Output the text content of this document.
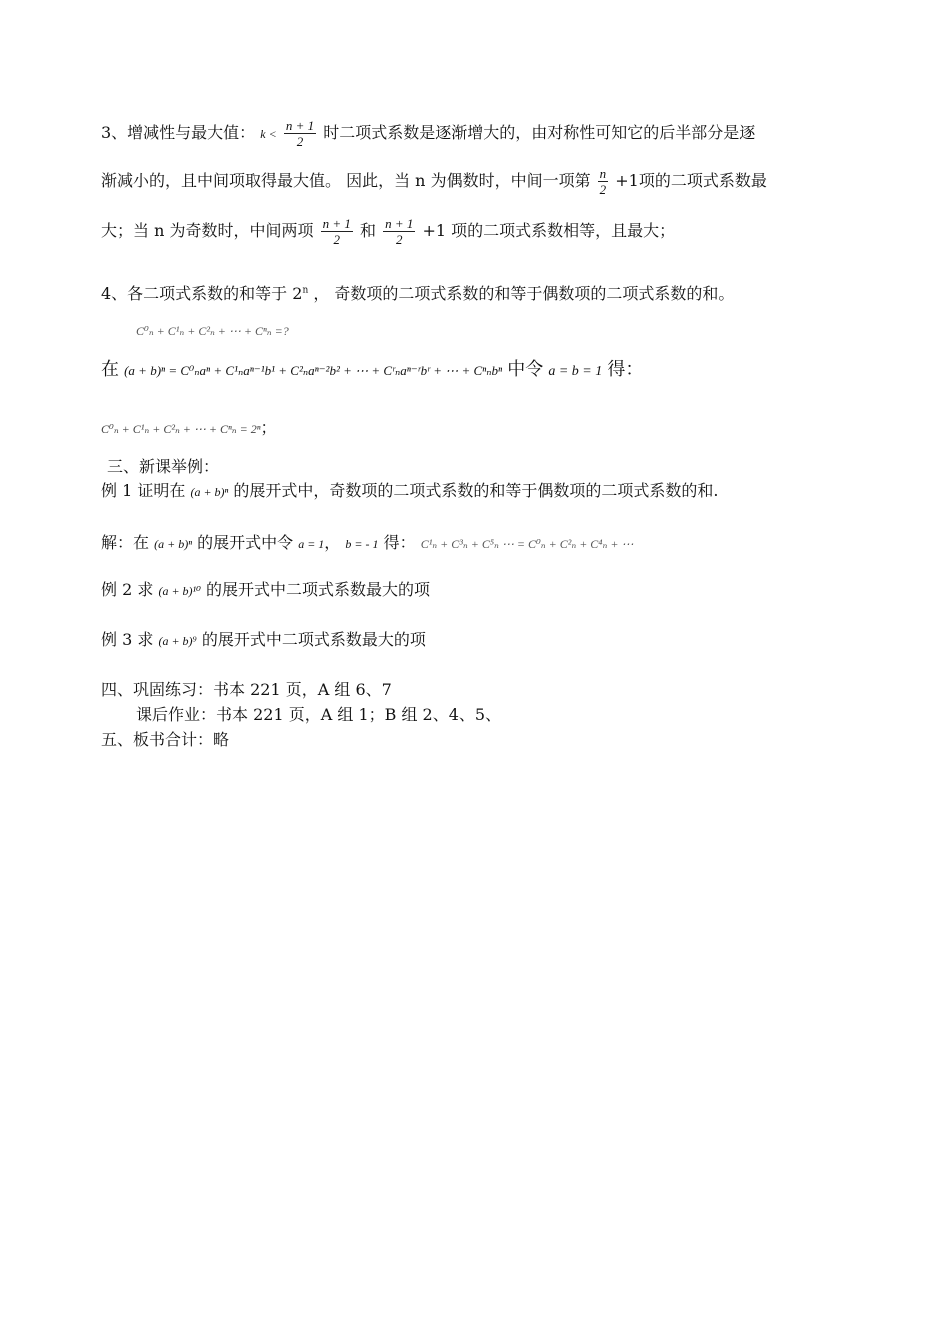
3、增减性与最大值： $k < \frac{n + 1}{2}$ 时二项式系数是逐渐增大的，由对称性可知它的后半部分是逐
渐减小的，且中间项取得最大值。 因此，当 n 为偶数时，中间一项第 $\frac{n}{2} +1$项的二项式系数最
大；当 n 为奇数时，中间两项 $\frac{n + 1}{2}$ 和 $\frac{n + 1}{2} +1$ 项的二项式系数相等，且最大；
4、各二项式系数的和等于 2$^n$ ， 奇数项的二项式系数的和等于偶数项的二项式系数的和。
C⁰ₙ + C¹ₙ + C²ₙ + ⋯ + Cⁿₙ =?
在 (a + b)ⁿ = C⁰ₙaⁿ + C¹ₙaⁿ⁻¹b¹ + C²ₙaⁿ⁻²b² + ⋯ + Cʳₙaⁿ⁻ʳbʳ + ⋯ + Cⁿₙbⁿ 中令 a = b = 1 得：
C⁰ₙ + C¹ₙ + C²ₙ + ⋯ + Cⁿₙ = 2ⁿ；
三、新课举例：
例 1 证明在 (a + b)ⁿ 的展开式中，奇数项的二项式系数的和等于偶数项的二项式系数的和.
解：在 (a + b)ⁿ 的展开式中令 a = 1， b = - 1 得： C¹ₙ + C³ₙ + C⁵ₙ ⋯ = C⁰ₙ + C²ₙ + C⁴ₙ + ⋯
例 2 求 (a + b)¹⁰ 的展开式中二项式系数最大的项
例 3 求 (a + b)⁹ 的展开式中二项式系数最大的项
四、巩固练习：书本 221 页，A 组 6、7
课后作业：书本 221 页，A 组 1；B 组 2、4、5、
五、板书合计：略
